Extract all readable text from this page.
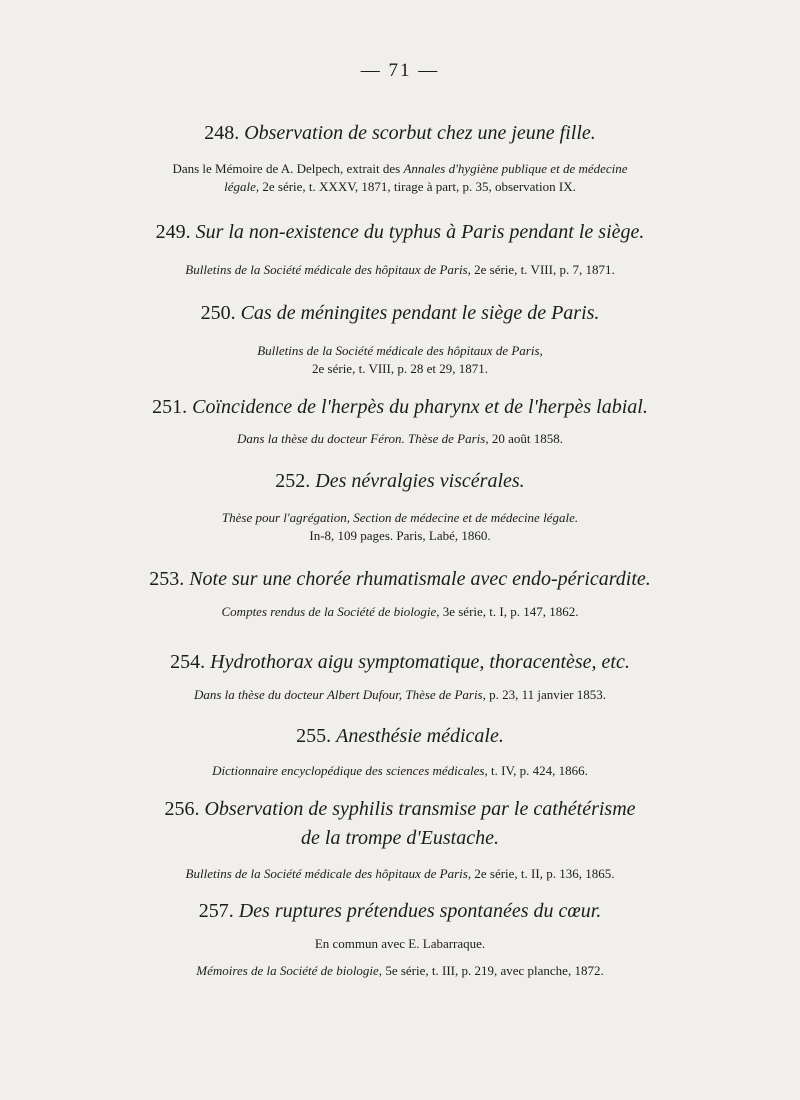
— 71 —
248. Observation de scorbut chez une jeune fille.
Dans le Mémoire de A. Delpech, extrait des Annales d'hygiène publique et de médecine
légale, 2e série, t. XXXV, 1871, tirage à part, p. 35, observation IX.
249. Sur la non-existence du typhus à Paris pendant le siège.
Bulletins de la Société médicale des hôpitaux de Paris, 2e série, t. VIII, p. 7, 1871.
250. Cas de méningites pendant le siège de Paris.
Bulletins de la Société médicale des hôpitaux de Paris,
2e série, t. VIII, p. 28 et 29, 1871.
251. Coïncidence de l'herpès du pharynx et de l'herpès labial.
Dans la thèse du docteur Féron. Thèse de Paris, 20 août 1858.
252. Des névralgies viscérales.
Thèse pour l'agrégation, Section de médecine et de médecine légale.
In-8, 109 pages. Paris, Labé, 1860.
253. Note sur une chorée rhumatismale avec endo-péricardite.
Comptes rendus de la Société de biologie, 3e série, t. I, p. 147, 1862.
254. Hydrothorax aigu symptomatique, thoracentèse, etc.
Dans la thèse du docteur Albert Dufour, Thèse de Paris, p. 23, 11 janvier 1853.
255. Anesthésie médicale.
Dictionnaire encyclopédique des sciences médicales, t. IV, p. 424, 1866.
256. Observation de syphilis transmise par le cathétérisme
de la trompe d'Eustache.
Bulletins de la Société médicale des hôpitaux de Paris, 2e série, t. II, p. 136, 1865.
257. Des ruptures prétendues spontanées du cœur.
En commun avec E. Labarraque.
Mémoires de la Société de biologie, 5e série, t. III, p. 219, avec planche, 1872.
